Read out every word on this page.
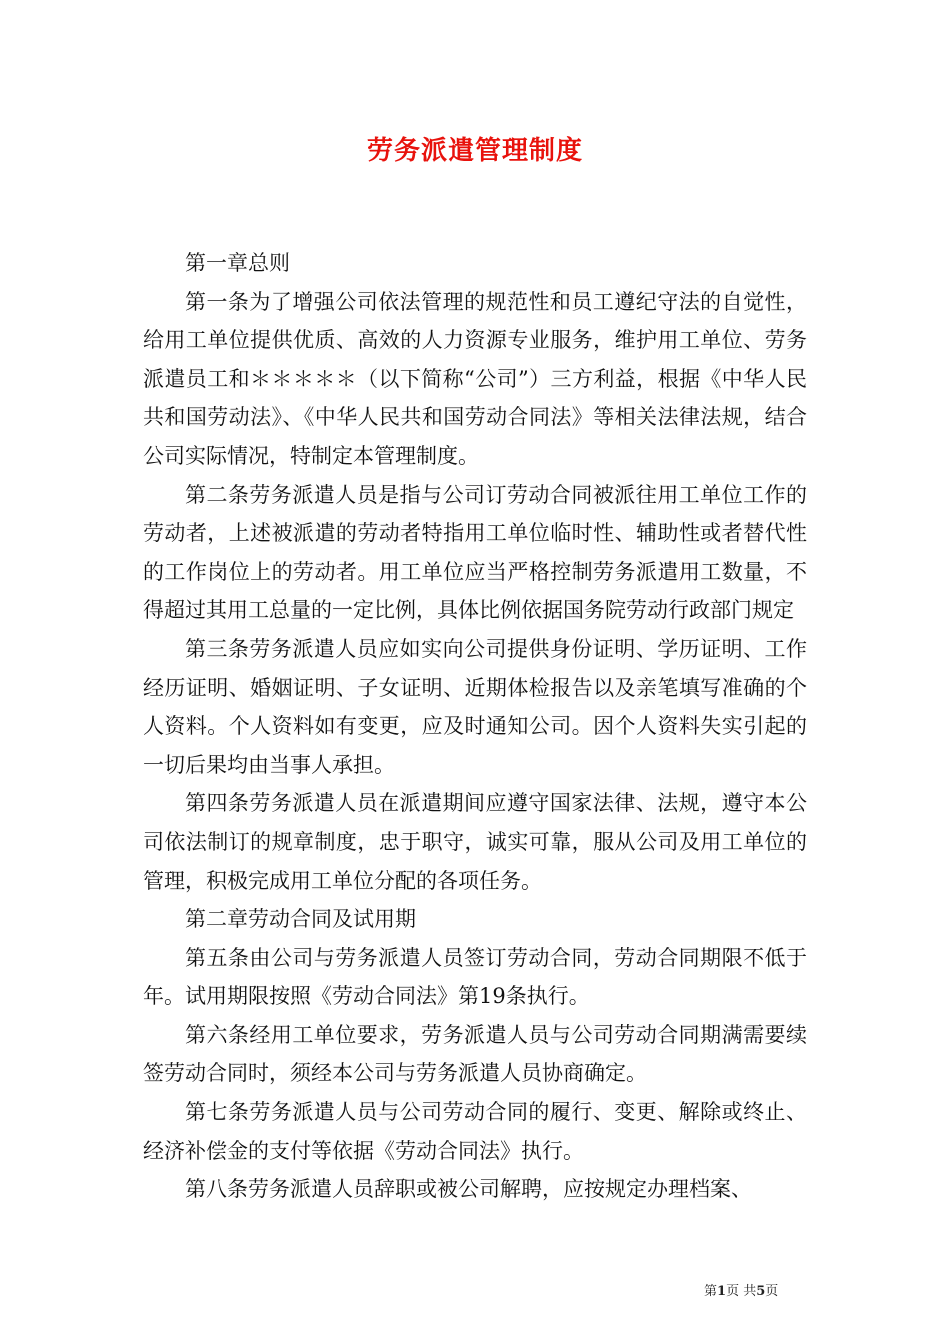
劳务派遣管理制度

第一章总则

第一条为了增强公司依法管理的规范性和员工遵纪守法的自觉性，给用工单位提供优质、高效的人力资源专业服务，维护用工单位、劳务派遣员工和＊＊＊＊＊（以下简称“公司”）三方利益，根据《中华人民共和国劳动法》、《中华人民共和国劳动合同法》等相关法律法规，结合公司实际情况，特制定本管理制度。

第二条劳务派遣人员是指与公司订劳动合同被派往用工单位工作的劳动者，上述被派遣的劳动者特指用工单位临时性、辅助性或者替代性的工作岗位上的劳动者。用工单位应当严格控制劳务派遣用工数量，不得超过其用工总量的一定比例，具体比例依据国务院劳动行政部门规定

第三条劳务派遣人员应如实向公司提供身份证明、学历证明、工作经历证明、婚姻证明、子女证明、近期体检报告以及亲笔填写准确的个人资料。个人资料如有变更，应及时通知公司。因个人资料失实引起的一切后果均由当事人承担。

第四条劳务派遣人员在派遣期间应遵守国家法律、法规，遵守本公司依法制订的规章制度，忠于职守，诚实可靠，服从公司及用工单位的管理，积极完成用工单位分配的各项任务。

第二章劳动合同及试用期

第五条由公司与劳务派遣人员签订劳动合同，劳动合同期限不低于年。试用期限按照《劳动合同法》第19条执行。

第六条经用工单位要求，劳务派遣人员与公司劳动合同期满需要续签劳动合同时，须经本公司与劳务派遣人员协商确定。

第七条劳务派遣人员与公司劳动合同的履行、变更、解除或终止、经济补偿金的支付等依据《劳动合同法》执行。

第八条劳务派遣人员辞职或被公司解聘，应按规定办理档案、

第1页 共5页
